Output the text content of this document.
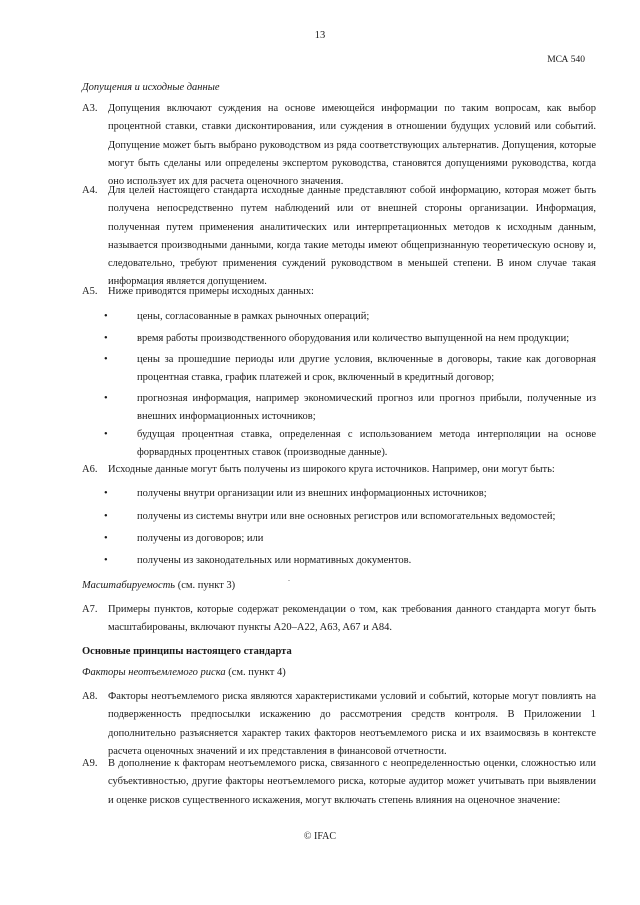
13
МСА 540
Допущения и исходные данные
A3.	Допущения включают суждения на основе имеющейся информации по таким вопросам, как выбор процентной ставки, ставки дисконтирования, или суждения в отношении будущих условий или событий. Допущение может быть выбрано руководством из ряда соответствующих альтернатив. Допущения, которые могут быть сделаны или определены экспертом руководства, становятся допущениями руководства, когда оно использует их для расчета оценочного значения.
A4.	Для целей настоящего стандарта исходные данные представляют собой информацию, которая может быть получена непосредственно путем наблюдений или от внешней стороны организации. Информация, полученная путем применения аналитических или интерпретационных методов к исходным данным, называется производными данными, когда такие методы имеют общепризнанную теоретическую основу и, следовательно, требуют применения суждений руководством в меньшей степени. В ином случае такая информация является допущением.
A5.	Ниже приводятся примеры исходных данных:
•	цены, согласованные в рамках рыночных операций;
•	время работы производственного оборудования или количество выпущенной на нем продукции;
•	цены за прошедшие периоды или другие условия, включенные в договоры, такие как договорная процентная ставка, график платежей и срок, включенный в кредитный договор;
•	прогнозная информация, например экономический прогноз или прогноз прибыли, полученные из внешних информационных источников;
•	будущая процентная ставка, определенная с использованием метода интерполяции на основе форвардных процентных ставок (производные данные).
A6.	Исходные данные могут быть получены из широкого круга источников. Например, они могут быть:
•	получены внутри организации или из внешних информационных источников;
•	получены из системы внутри или вне основных регистров или вспомогательных ведомостей;
•	получены из договоров; или
•	получены из законодательных или нормативных документов.
Масштабируемость (см. пункт 3)
A7.	Примеры пунктов, которые содержат рекомендации о том, как требования данного стандарта могут быть масштабированы, включают пункты A20–A22, A63, A67 и A84.
Основные принципы настоящего стандарта
Факторы неотъемлемого риска (см. пункт 4)
A8.	Факторы неотъемлемого риска являются характеристиками условий и событий, которые могут повлиять на подверженность предпосылки искажению до рассмотрения средств контроля. В Приложении 1 дополнительно разъясняется характер таких факторов неотъемлемого риска и их взаимосвязь в контексте расчета оценочных значений и их представления в финансовой отчетности.
A9.	В дополнение к факторам неотъемлемого риска, связанного с неопределенностью оценки, сложностью или субъективностью, другие факторы неотъемлемого риска, которые аудитор может учитывать при выявлении и оценке рисков существенного искажения, могут включать степень влияния на оценочное значение:
© IFAC
